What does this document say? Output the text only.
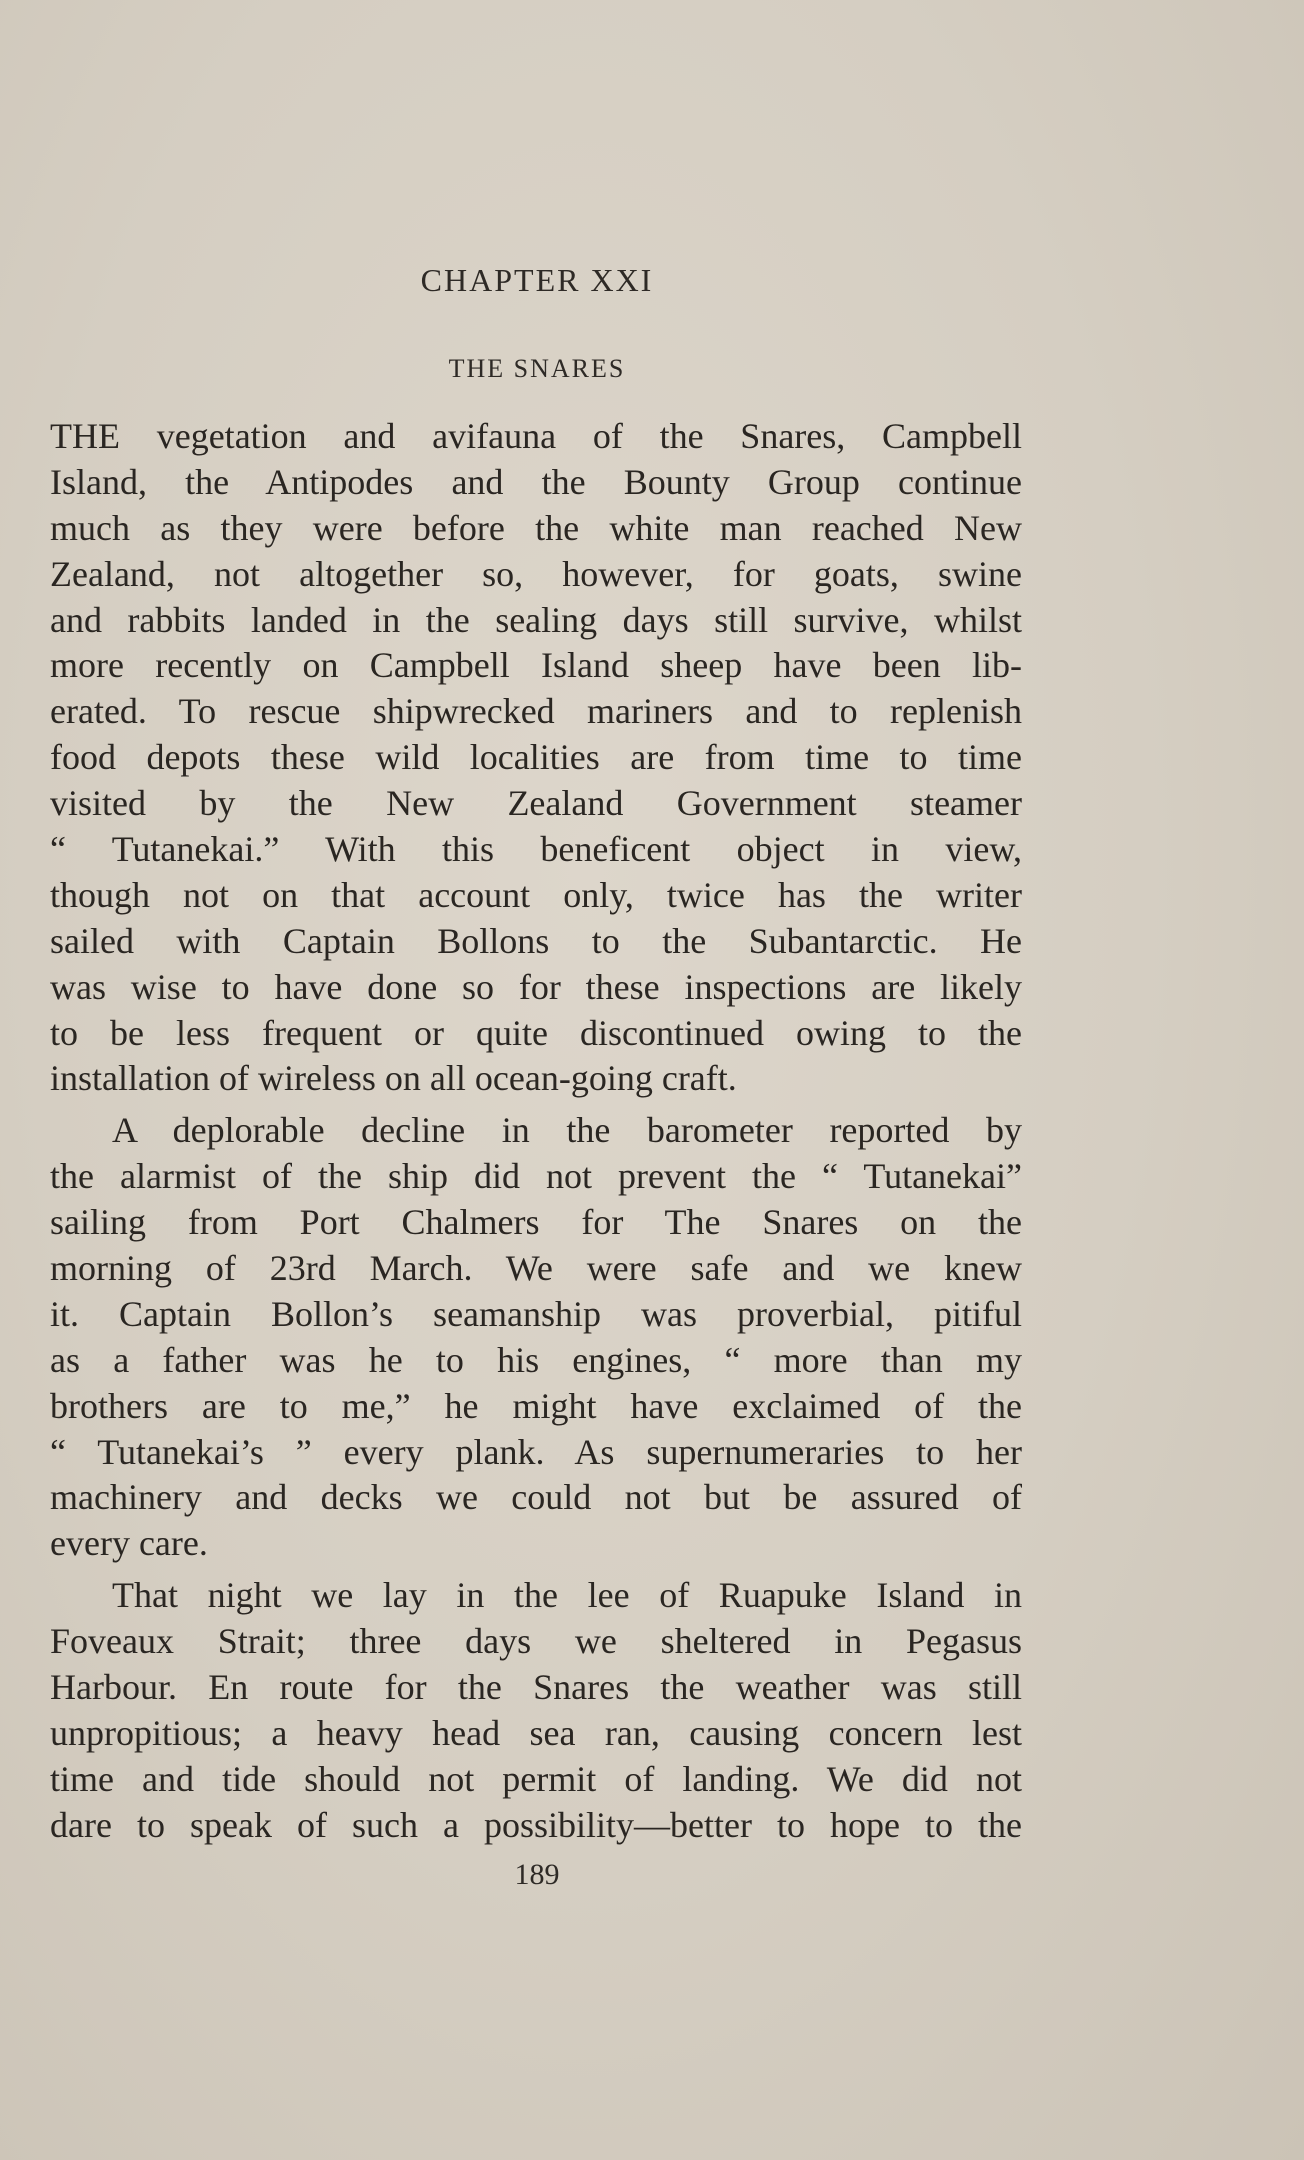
CHAPTER XXI
THE SNARES
THE vegetation and avifauna of the Snares, Campbell
Island, the Antipodes and the Bounty Group continue
much as they were before the white man reached New
Zealand, not altogether so, however, for goats, swine
and rabbits landed in the sealing days still survive, whilst
more recently on Campbell Island sheep have been lib-
erated. To rescue shipwrecked mariners and to replenish
food depots these wild localities are from time to time
visited by the New Zealand Government steamer
“ Tutanekai.” With this beneficent object in view,
though not on that account only, twice has the writer
sailed with Captain Bollons to the Subantarctic. He
was wise to have done so for these inspections are likely
to be less frequent or quite discontinued owing to the
installation of wireless on all ocean-going craft.
A deplorable decline in the barometer reported by
the alarmist of the ship did not prevent the “ Tutanekai”
sailing from Port Chalmers for The Snares on the
morning of 23rd March. We were safe and we knew
it. Captain Bollon’s seamanship was proverbial, pitiful
as a father was he to his engines, “ more than my
brothers are to me,” he might have exclaimed of the
“ Tutanekai’s ” every plank. As supernumeraries to her
machinery and decks we could not but be assured of
every care.
That night we lay in the lee of Ruapuke Island in
Foveaux Strait; three days we sheltered in Pegasus
Harbour. En route for the Snares the weather was still
unpropitious; a heavy head sea ran, causing concern lest
time and tide should not permit of landing. We did not
dare to speak of such a possibility—better to hope to the
189
